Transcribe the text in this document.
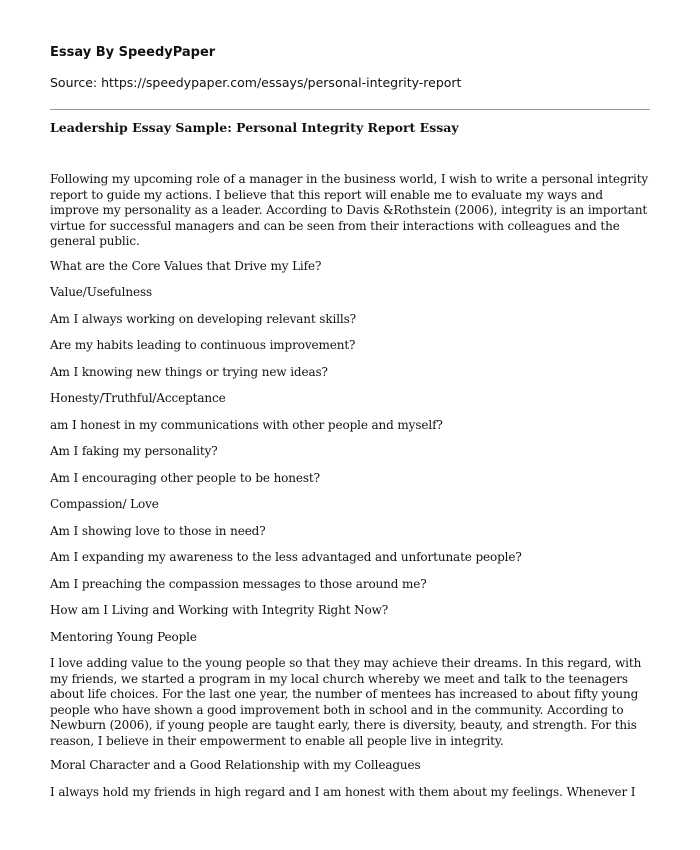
Essay By SpeedyPaper

Source: https://speedypaper.com/essays/personal-integrity-report

Leadership Essay Sample: Personal Integrity Report Essay

Following my upcoming role of a manager in the business world, I wish to write a personal integrity report to guide my actions. I believe that this report will enable me to evaluate my ways and improve my personality as a leader. According to Davis &Rothstein (2006), integrity is an important virtue for successful managers and can be seen from their interactions with colleagues and the general public.

What are the Core Values that Drive my Life?

Value/Usefulness

Am I always working on developing relevant skills?

Are my habits leading to continuous improvement?

Am I knowing new things or trying new ideas?

Honesty/Truthful/Acceptance

am I honest in my communications with other people and myself?

Am I faking my personality?

Am I encouraging other people to be honest?

Compassion/ Love

Am I showing love to those in need?

Am I expanding my awareness to the less advantaged and unfortunate people?

Am I preaching the compassion messages to those around me?

How am I Living and Working with Integrity Right Now?

Mentoring Young People

I love adding value to the young people so that they may achieve their dreams. In this regard, with my friends, we started a program in my local church whereby we meet and talk to the teenagers about life choices. For the last one year, the number of mentees has increased to about fifty young people who have shown a good improvement both in school and in the community. According to Newburn (2006), if young people are taught early, there is diversity, beauty, and strength. For this reason, I believe in their empowerment to enable all people live in integrity.

Moral Character and a Good Relationship with my Colleagues

I always hold my friends in high regard and I am honest with them about my feelings. Whenever I
